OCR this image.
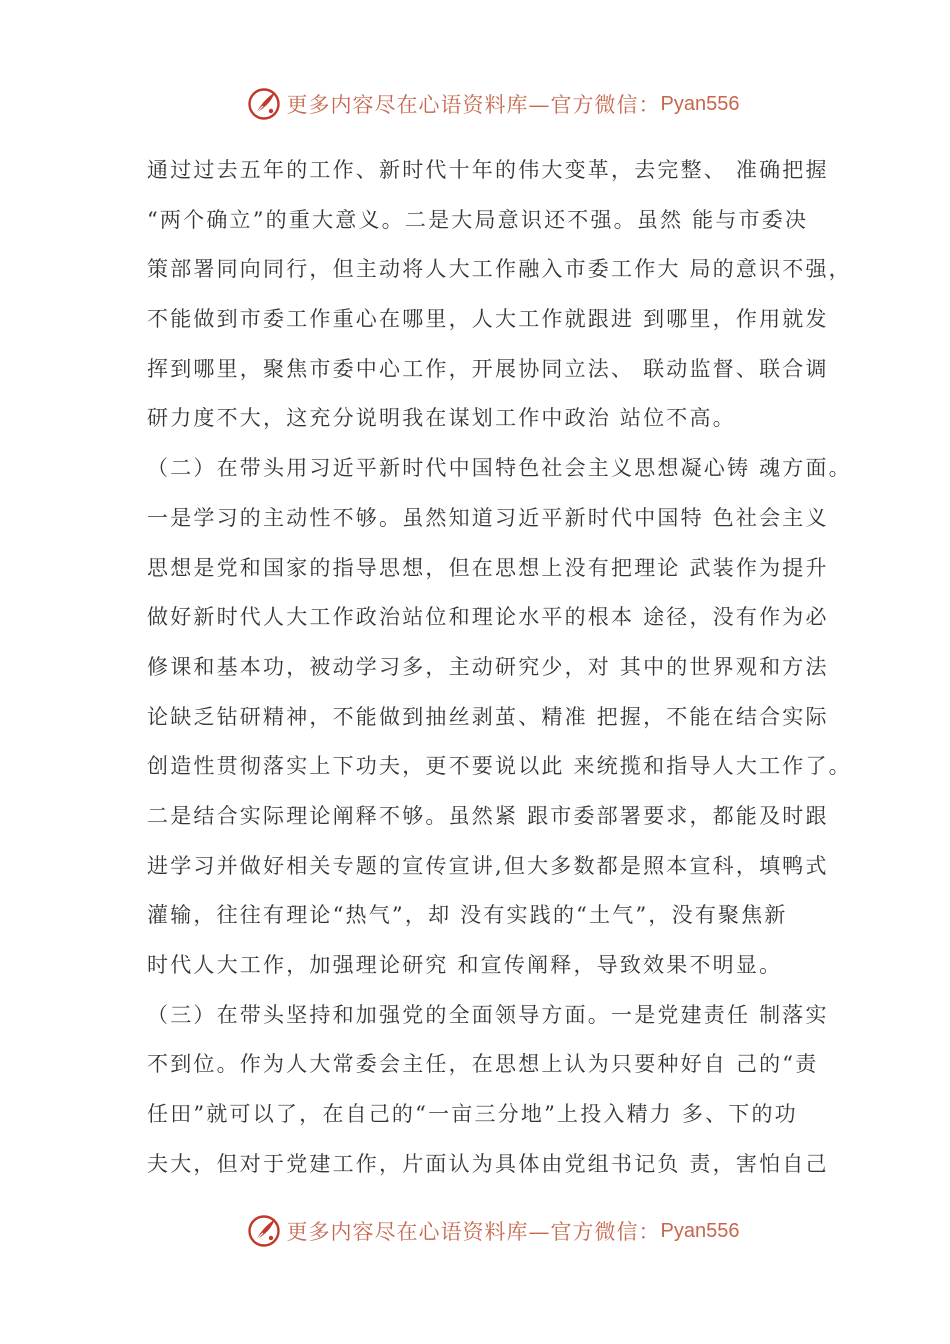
更多内容尽在心语资料库—官方微信： Pyan556
通过过去五年的工作、新时代十年的伟大变革，去完整、 准确把握
“两个确立”的重大意义。二是大局意识还不强。虽然 能与市委决
策部署同向同行，但主动将人大工作融入市委工作大 局的意识不强，
不能做到市委工作重心在哪里，人大工作就跟进 到哪里，作用就发
挥到哪里，聚焦市委中心工作，开展协同立法、 联动监督、联合调
研力度不大，这充分说明我在谋划工作中政治 站位不高。
（二）在带头用习近平新时代中国特色社会主义思想凝心铸 魂方面。
一是学习的主动性不够。虽然知道习近平新时代中国特 色社会主义
思想是党和国家的指导思想，但在思想上没有把理论 武装作为提升
做好新时代人大工作政治站位和理论水平的根本 途径，没有作为必
修课和基本功，被动学习多，主动研究少，对 其中的世界观和方法
论缺乏钻研精神，不能做到抽丝剥茧、精准 把握，不能在结合实际
创造性贯彻落实上下功夫，更不要说以此 来统揽和指导人大工作了。
二是结合实际理论阐释不够。虽然紧 跟市委部署要求，都能及时跟
进学习并做好相关专题的宣传宣讲,但大多数都是照本宣科，填鸭式
灌输，往往有理论“热气”，却 没有实践的“土气”，没有聚焦新
时代人大工作，加强理论研究 和宣传阐释，导致效果不明显。
（三）在带头坚持和加强党的全面领导方面。一是党建责任 制落实
不到位。作为人大常委会主任，在思想上认为只要种好自 己的“责
任田”就可以了，在自己的“一亩三分地”上投入精力 多、下的功
夫大，但对于党建工作，片面认为具体由党组书记负 责，害怕自己
更多内容尽在心语资料库—官方微信： Pyan556
